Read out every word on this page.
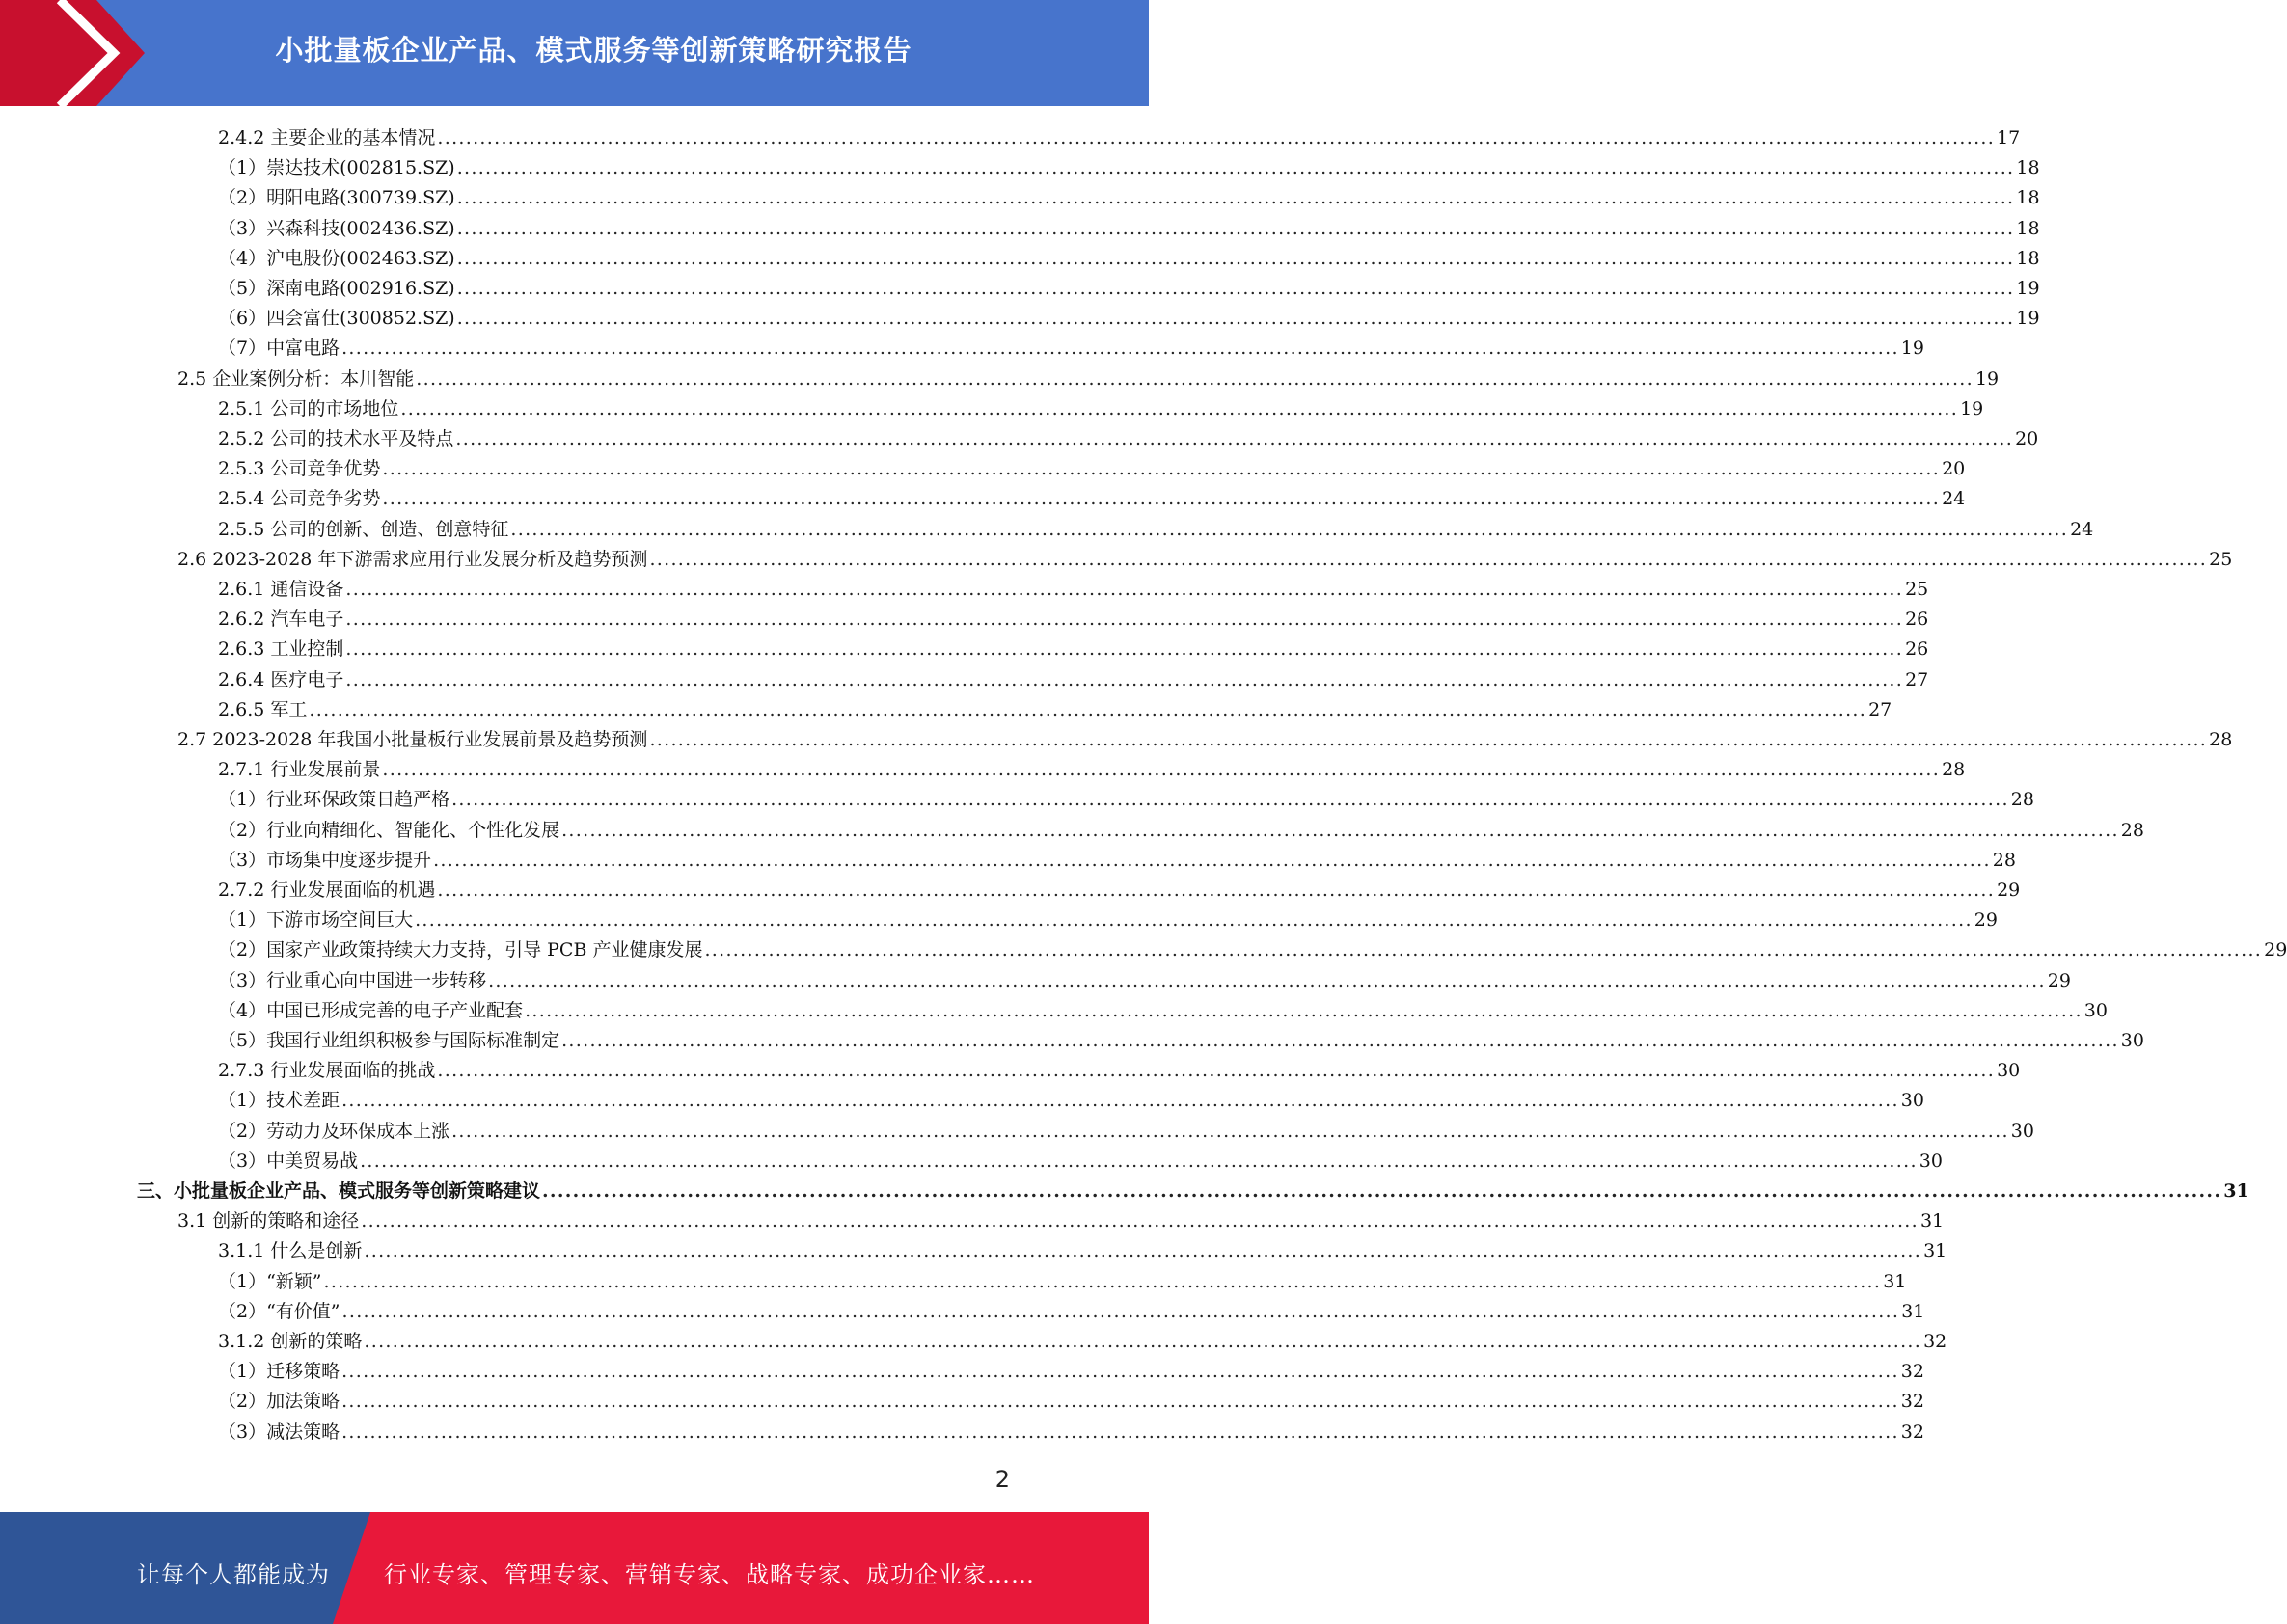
小批量板企业产品、模式服务等创新策略研究报告
2.4.2 主要企业的基本情况 ............................................................................................................................................................................................................................ 17
（1）崇达技术(002815.SZ) ............................................................................................................................................................................................................................ 18
（2）明阳电路(300739.SZ) ............................................................................................................................................................................................................................ 18
（3）兴森科技(002436.SZ) ............................................................................................................................................................................................................................ 18
（4）沪电股份(002463.SZ) ............................................................................................................................................................................................................................ 18
（5）深南电路(002916.SZ) ............................................................................................................................................................................................................................ 19
（6）四会富仕(300852.SZ) ............................................................................................................................................................................................................................ 19
（7）中富电路 ............................................................................................................................................................................................................................ 19
2.5 企业案例分析：本川智能 ............................................................................................................................................................................................................................ 19
2.5.1 公司的市场地位 ............................................................................................................................................................................................................................ 19
2.5.2 公司的技术水平及特点 ............................................................................................................................................................................................................................ 20
2.5.3 公司竞争优势 ............................................................................................................................................................................................................................ 20
2.5.4 公司竞争劣势 ............................................................................................................................................................................................................................ 24
2.5.5 公司的创新、创造、创意特征 ............................................................................................................................................................................................................................ 24
2.6 2023-2028 年下游需求应用行业发展分析及趋势预测 ............................................................................................................................................................................................................................ 25
2.6.1 通信设备 ............................................................................................................................................................................................................................ 25
2.6.2 汽车电子 ............................................................................................................................................................................................................................ 26
2.6.3 工业控制 ............................................................................................................................................................................................................................ 26
2.6.4 医疗电子 ............................................................................................................................................................................................................................ 27
2.6.5 军工 ............................................................................................................................................................................................................................ 27
2.7 2023-2028 年我国小批量板行业发展前景及趋势预测 ............................................................................................................................................................................................................................ 28
2.7.1 行业发展前景 ............................................................................................................................................................................................................................ 28
（1）行业环保政策日趋严格 ............................................................................................................................................................................................................................ 28
（2）行业向精细化、智能化、个性化发展 ............................................................................................................................................................................................................................ 28
（3）市场集中度逐步提升 ............................................................................................................................................................................................................................ 28
2.7.2 行业发展面临的机遇 ............................................................................................................................................................................................................................ 29
（1）下游市场空间巨大 ............................................................................................................................................................................................................................ 29
（2）国家产业政策持续大力支持，引导 PCB 产业健康发展 ............................................................................................................................................................................................................................ 29
（3）行业重心向中国进一步转移 ............................................................................................................................................................................................................................ 29
（4）中国已形成完善的电子产业配套 ............................................................................................................................................................................................................................ 30
（5）我国行业组织积极参与国际标准制定 ............................................................................................................................................................................................................................ 30
2.7.3 行业发展面临的挑战 ............................................................................................................................................................................................................................ 30
（1）技术差距 ............................................................................................................................................................................................................................ 30
（2）劳动力及环保成本上涨 ............................................................................................................................................................................................................................ 30
（3）中美贸易战 ............................................................................................................................................................................................................................ 30
三、小批量板企业产品、模式服务等创新策略建议 ............................................................................................................................................................................................................................ 31
3.1 创新的策略和途径 ............................................................................................................................................................................................................................ 31
3.1.1 什么是创新 ............................................................................................................................................................................................................................ 31
（1）“新颖” ............................................................................................................................................................................................................................ 31
（2）“有价值” ............................................................................................................................................................................................................................ 31
3.1.2 创新的策略 ............................................................................................................................................................................................................................ 32
（1）迁移策略 ............................................................................................................................................................................................................................ 32
（2）加法策略 ............................................................................................................................................................................................................................ 32
（3）减法策略 ............................................................................................................................................................................................................................ 32
2
让每个人都能成为 行业专家、管理专家、营销专家、战略专家、成功企业家……
